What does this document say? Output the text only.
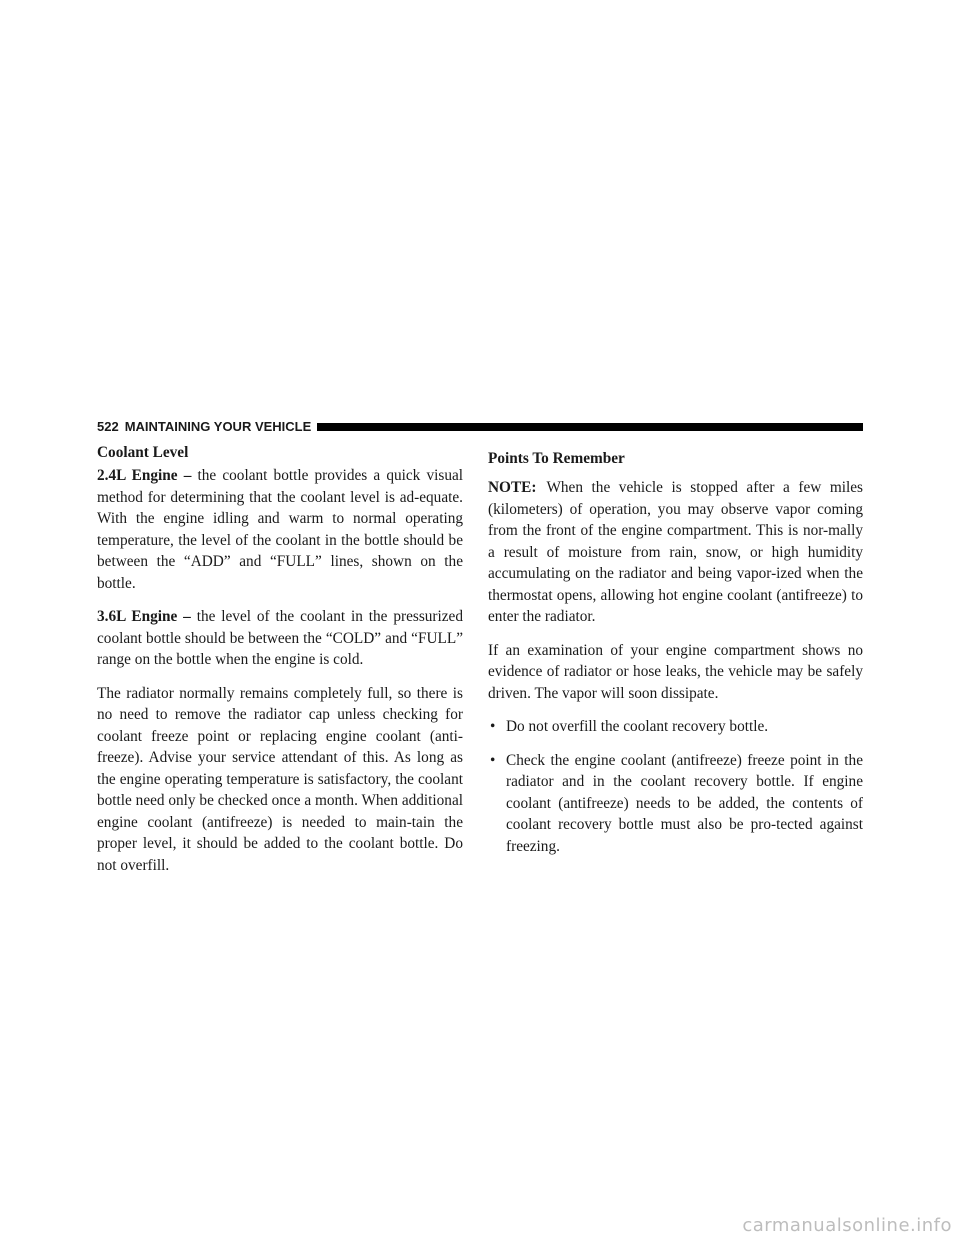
522 MAINTAINING YOUR VEHICLE
Coolant Level

2.4L Engine – the coolant bottle provides a quick visual method for determining that the coolant level is ad-equate. With the engine idling and warm to normal operating temperature, the level of the coolant in the bottle should be between the “ADD” and “FULL” lines, shown on the bottle.

3.6L Engine – the level of the coolant in the pressurized coolant bottle should be between the “COLD” and “FULL” range on the bottle when the engine is cold.

The radiator normally remains completely full, so there is no need to remove the radiator cap unless checking for coolant freeze point or replacing engine coolant (anti-freeze). Advise your service attendant of this. As long as the engine operating temperature is satisfactory, the coolant bottle need only be checked once a month. When additional engine coolant (antifreeze) is needed to main-tain the proper level, it should be added to the coolant bottle. Do not overfill.

Points To Remember

NOTE: When the vehicle is stopped after a few miles (kilometers) of operation, you may observe vapor coming from the front of the engine compartment. This is nor-mally a result of moisture from rain, snow, or high humidity accumulating on the radiator and being vapor-ized when the thermostat opens, allowing hot engine coolant (antifreeze) to enter the radiator.

If an examination of your engine compartment shows no evidence of radiator or hose leaks, the vehicle may be safely driven. The vapor will soon dissipate.

• Do not overfill the coolant recovery bottle.
• Check the engine coolant (antifreeze) freeze point in the radiator and in the coolant recovery bottle. If engine coolant (antifreeze) needs to be added, the contents of coolant recovery bottle must also be pro-tected against freezing.
carmanualsonline.info
